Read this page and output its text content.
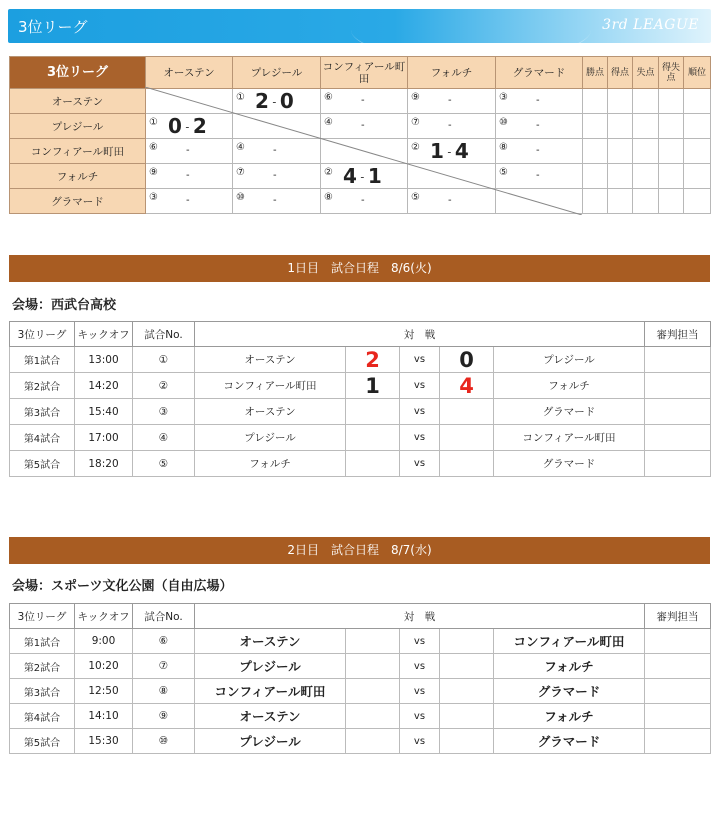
3位リーグ	3rd LEAGUE
3位リーグ	オーステン	プレジール	コンフィアール町田	フォルチ	グラマード	勝点	得点	失点	得失点	順位
オーステン		① 2 - 0	⑥ -	⑨ -	③ -					

プレジール	① 0 - 2		④ -	⑦ -	⑩ -					

コンフィアール町田	⑥ -	④ -		② 1 - 4	⑧ -					

フォルチ	⑨ -	⑦ -	② 4 - 1		⑤ -					

グラマード	③ -	⑩ -	⑧ -	⑤ -						

1日目　試合日程　8/6(火)
会場：西武台高校
3位リーグ	キックオフ	試合No.	対　戦					審判担当
第1試合	13:00	①	オーステン	2	vs	0	プレジール	
第2試合	14:20	②	コンフィアール町田	1	vs	4	フォルチ	
第3試合	15:40	③	オーステン		vs		グラマード	
第4試合	17:00	④	プレジール		vs		コンフィアール町田	
第5試合	18:20	⑤	フォルチ		vs		グラマード	
2日目　試合日程　8/7(水)
会場：スポーツ文化公園（自由広場）
3位リーグ	キックオフ	試合No.	対　戦					審判担当
第1試合	9:00	⑥	オーステン		vs		コンフィアール町田	
第2試合	10:20	⑦	プレジール		vs		フォルチ	
第3試合	12:50	⑧	コンフィアール町田		vs		グラマード	
第4試合	14:10	⑨	オーステン		vs		フォルチ	
第5試合	15:30	⑩	プレジール		vs		グラマード	
